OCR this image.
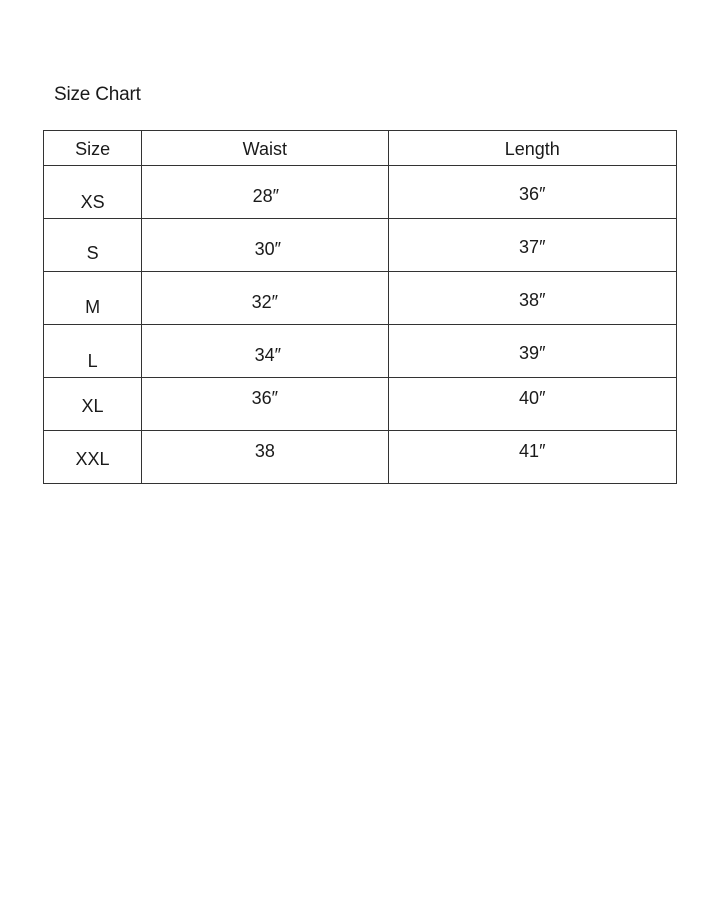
Size Chart
Size	Waist	Length

XS	28″	36″

S	30″	37″

M	32″	38″

L	34″	39″

XL	36″	40″

XXL	38	41″
